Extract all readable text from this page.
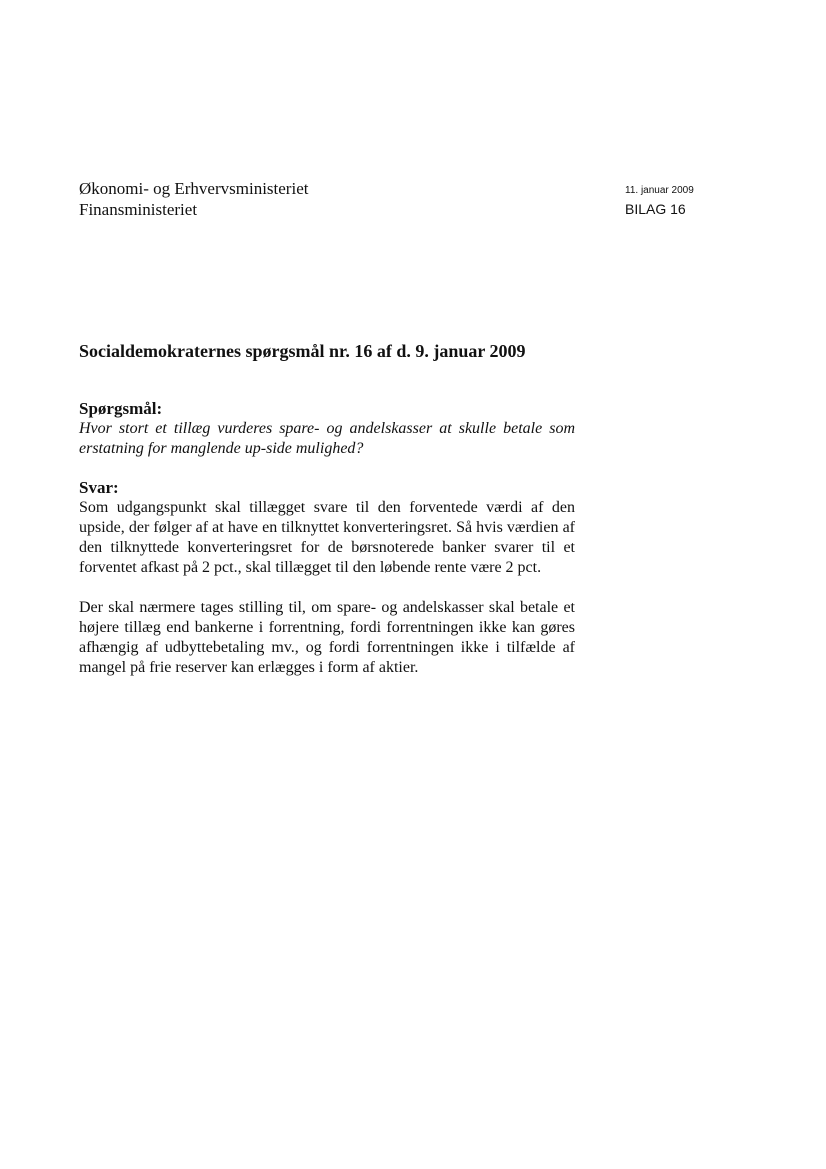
Økonomi- og Erhvervsministeriet
Finansministeriet
11. januar 2009
BILAG 16
Socialdemokraternes spørgsmål nr. 16 af d. 9. januar 2009
Spørgsmål:
Hvor stort et tillæg vurderes spare- og andelskasser at skulle betale som erstatning for manglende up-side mulighed?
Svar:
Som udgangspunkt skal tillægget svare til den forventede værdi af den upside, der følger af at have en tilknyttet konverteringsret. Så hvis værdien af den tilknyttede konverteringsret for de børsnoterede banker svarer til et forventet afkast på 2 pct., skal tillægget til den løbende rente være 2 pct.
Der skal nærmere tages stilling til, om spare- og andelskasser skal betale et højere tillæg end bankerne i forrentning, fordi forrentningen ikke kan gøres afhængig af udbyttebetaling mv., og fordi forrentningen ikke i tilfælde af mangel på frie reserver kan erlægges i form af aktier.
